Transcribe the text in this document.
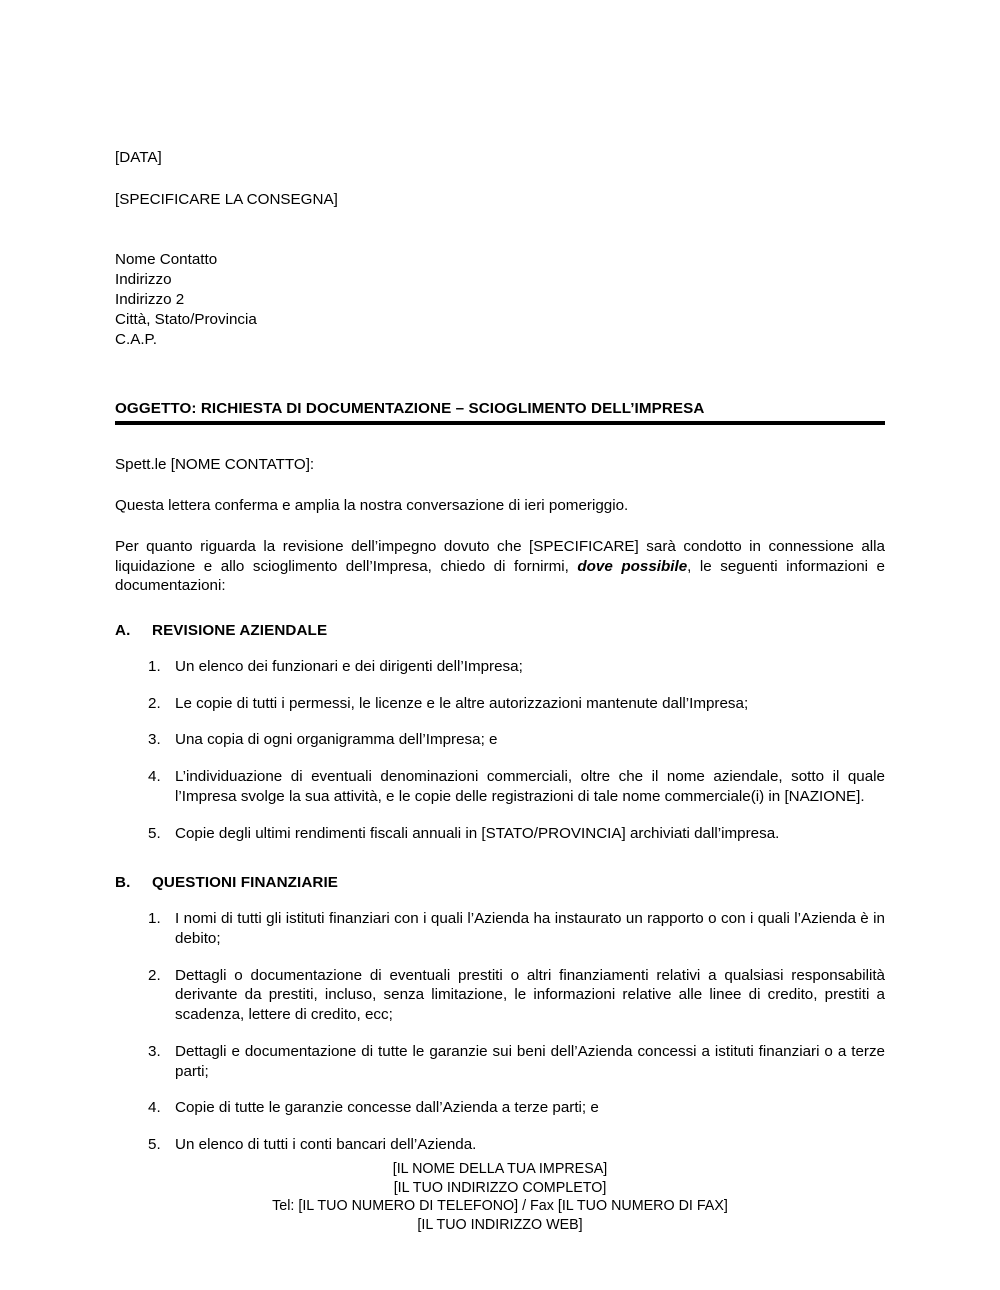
[DATA]

[SPECIFICARE LA CONSEGNA]

Nome Contatto

Indirizzo

Indirizzo 2

Città, Stato/Provincia

C.A.P.

OGGETTO: RICHIESTA DI DOCUMENTAZIONE – SCIOGLIMENTO DELL’IMPRESA

Spett.le [NOME CONTATTO]:

Questa lettera conferma e amplia la nostra conversazione di ieri pomeriggio.

Per quanto riguarda la revisione dell’impegno dovuto che [SPECIFICARE] sarà condotto in connessione alla liquidazione e allo scioglimento dell’Impresa, chiedo di fornirmi, dove possibile, le seguenti informazioni e documentazioni:

A.	REVISIONE AZIENDALE
1. Un elenco dei funzionari e dei dirigenti dell’Impresa;
2. Le copie di tutti i permessi, le licenze e le altre autorizzazioni mantenute dall’Impresa;
3. Una copia di ogni organigramma dell’Impresa; e
4. L’individuazione di eventuali denominazioni commerciali, oltre che il nome aziendale, sotto il quale l’Impresa svolge la sua attività, e le copie delle registrazioni di tale nome commerciale(i) in [NAZIONE].
5. Copie degli ultimi rendimenti fiscali annuali in [STATO/PROVINCIA] archiviati dall’impresa.
B.	QUESTIONI FINANZIARIE
1. I nomi di tutti gli istituti finanziari con i quali l’Azienda ha instaurato un rapporto o con i quali l’Azienda è in debito;
2. Dettagli o documentazione di eventuali prestiti o altri finanziamenti relativi a qualsiasi responsabilità derivante da prestiti, incluso, senza limitazione, le informazioni relative alle linee di credito, prestiti a scadenza, lettere di credito, ecc;
3. Dettagli e documentazione di tutte le garanzie sui beni dell’Azienda concessi a istituti finanziari o a terze parti;
4. Copie di tutte le garanzie concesse dall’Azienda a terze parti; e
5. Un elenco di tutti i conti bancari dell’Azienda.

[IL NOME DELLA TUA IMPRESA]

[IL TUO INDIRIZZO COMPLETO]

Tel: [IL TUO NUMERO DI TELEFONO] / Fax [IL TUO NUMERO DI FAX]

[IL TUO INDIRIZZO WEB]
